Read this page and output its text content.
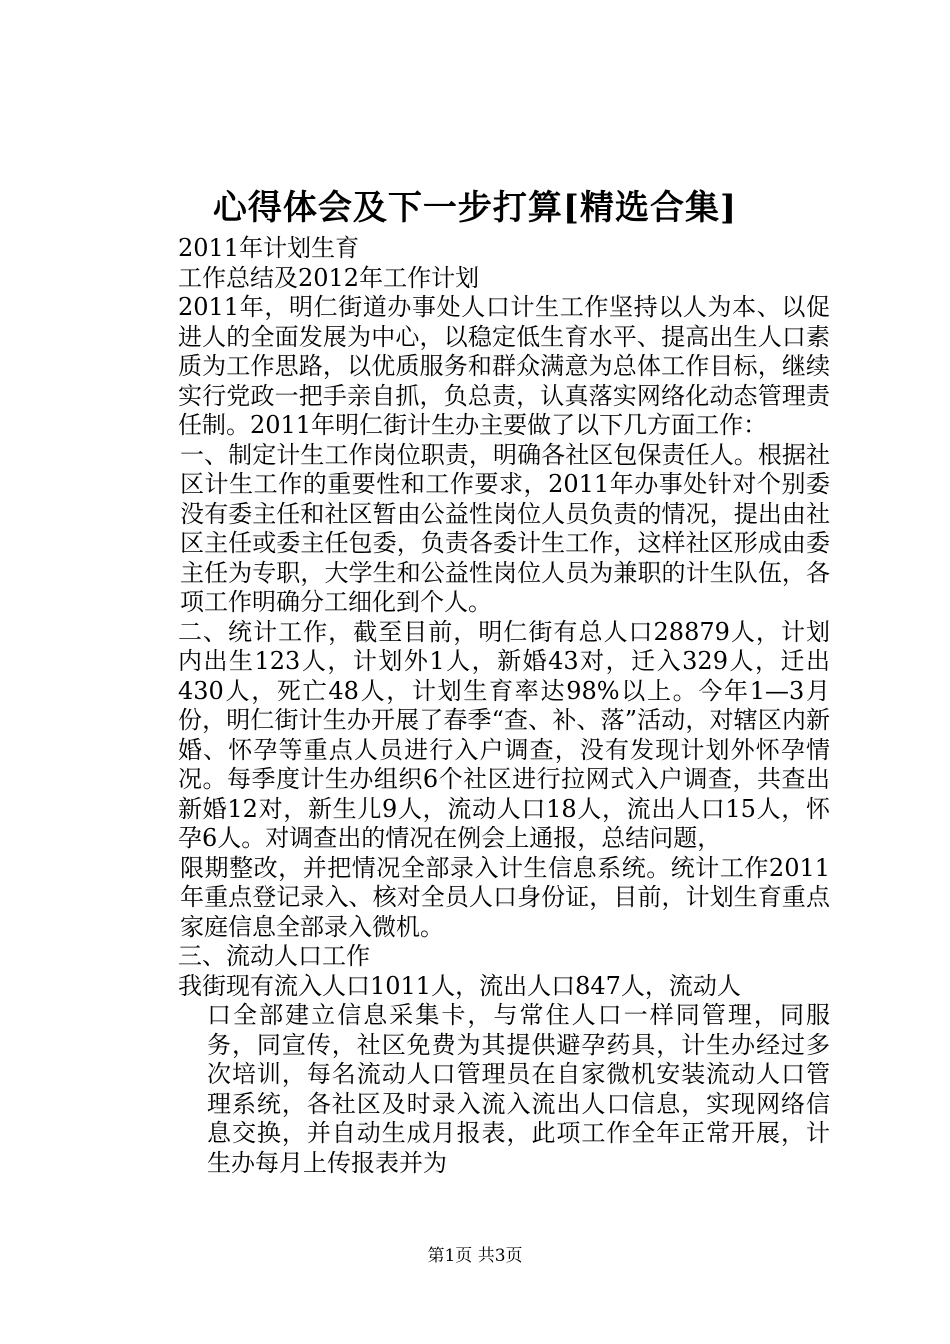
心得体会及下一步打算[精选合集]

2011年计划生育

工作总结及2012年工作计划

2011年，明仁街道办事处人口计生工作坚持以人为本、以促进人的全面发展为中心，以稳定低生育水平、提高出生人口素质为工作思路，以优质服务和群众满意为总体工作目标，继续实行党政一把手亲自抓，负总责，认真落实网络化动态管理责任制。2011年明仁街计生办主要做了以下几方面工作：

一、制定计生工作岗位职责，明确各社区包保责任人。根据社区计生工作的重要性和工作要求，2011年办事处针对个别委没有委主任和社区暂由公益性岗位人员负责的情况，提出由社区主任或委主任包委，负责各委计生工作，这样社区形成由委主任为专职，大学生和公益性岗位人员为兼职的计生队伍，各项工作明确分工细化到个人。

二、统计工作，截至目前，明仁街有总人口28879人，计划内出生123人，计划外1人，新婚43对，迁入329人，迁出430人，死亡48人，计划生育率达98%以上。今年1—3月份，明仁街计生办开展了春季“查、补、落”活动，对辖区内新婚、怀孕等重点人员进行入户调查，没有发现计划外怀孕情况。每季度计生办组织6个社区进行拉网式入户调查，共查出新婚12对，新生儿9人，流动人口18人，流出人口15人，怀孕6人。对调查出的情况在例会上通报，总结问题，

限期整改，并把情况全部录入计生信息系统。统计工作2011年重点登记录入、核对全员人口身份证，目前，计划生育重点家庭信息全部录入微机。

三、流动人口工作

我街现有流入人口1011人，流出人口847人，流动人

口全部建立信息采集卡，与常住人口一样同管理，同服务，同宣传，社区免费为其提供避孕药具，计生办经过多次培训，每名流动人口管理员在自家微机安装流动人口管理系统，各社区及时录入流入流出人口信息，实现网络信息交换，并自动生成月报表，此项工作全年正常开展，计生办每月上传报表并为

第1页 共3页
